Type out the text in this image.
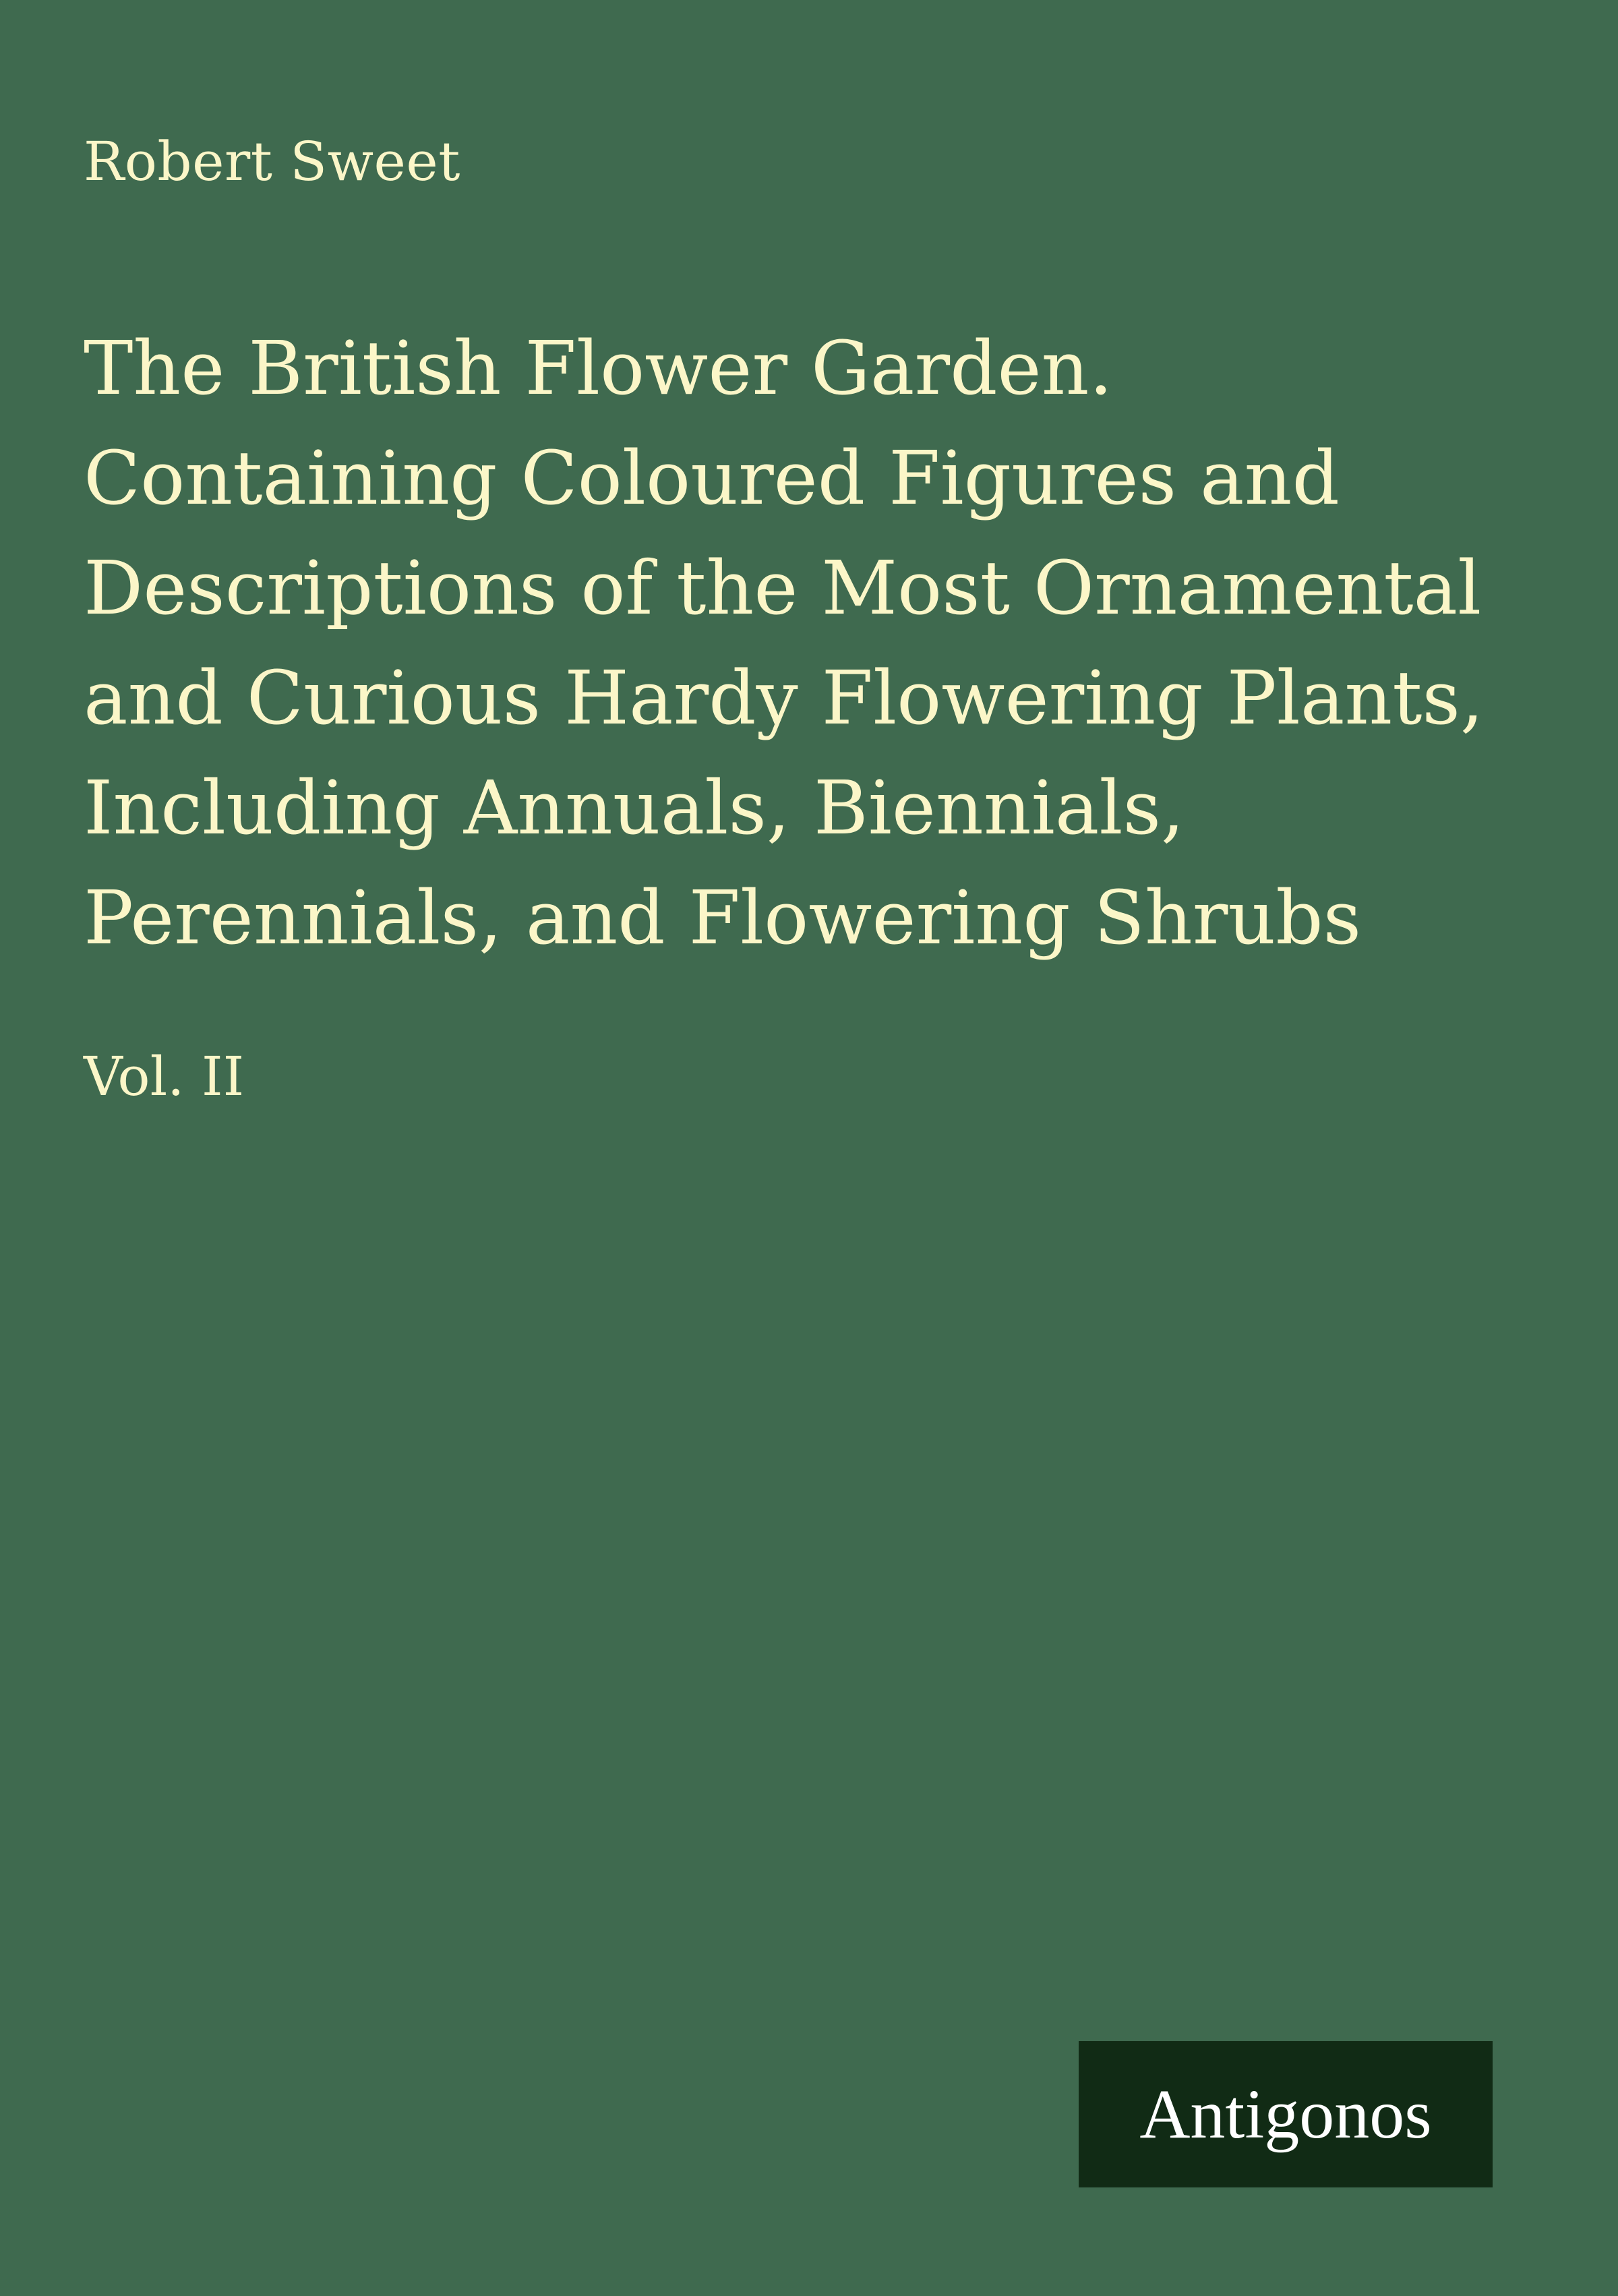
Robert Sweet
The British Flower Garden. Containing Coloured Figures and Descriptions of the Most Ornamental and Curious Hardy Flowering Plants, Including Annuals, Biennials, Perennials, and Flowering Shrubs
Vol. II
Antigonos
